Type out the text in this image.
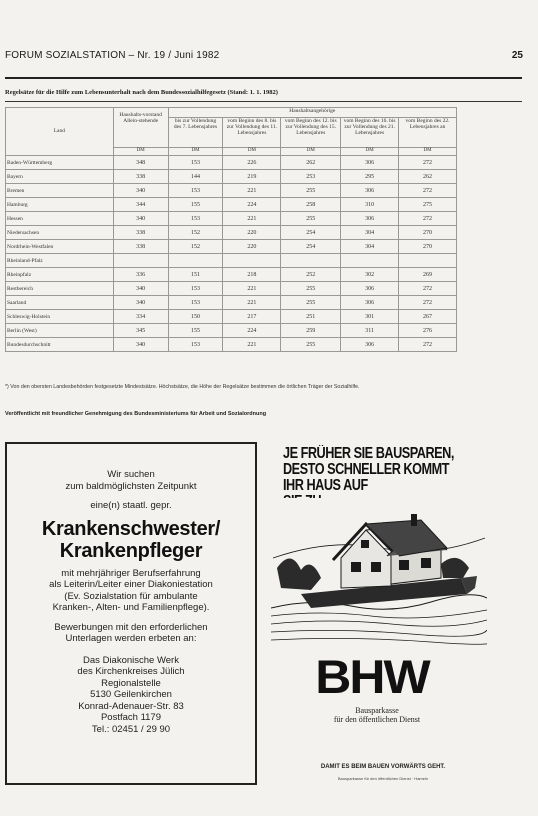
FORUM SOZIALSTATION – Nr. 19 / Juni 1982	25
Regelsätze für die Hilfe zum Lebensunterhalt nach dem Bundessozialhilfegesetz (Stand: 1. 1. 1982)
Land	Haushalts-vorstand Allein-stehende	Haushaltsangehörige				
		bis zur Vollendung des 7. Lebensjahres	vom Beginn des 8. bis zur Vollendung des 11. Lebensjahres	vom Beginn des 12. bis zur Vollendung des 15. Lebensjahres	vom Beginn des 16. bis zur Vollendung des 21. Lebensjahres	vom Beginn des 22. Lebensjahres an
	DM	DM	DM	DM	DM	DM
Baden-Württemberg	348	153	226	262	306	272
Bayern	338	144	219	253	295	262
Bremen	340	153	221	255	306	272
Hamburg	344	155	224	258	310	275
Hessen	340	153	221	255	306	272
Niedersachsen	338	152	220	254	304	270
Nordrhein-Westfalen	338	152	220	254	304	270
Rheinland-Pfalz						
Rheinpfalz	336	151	218	252	302	269
Restbereich	340	153	221	255	306	272
Saarland	340	153	221	255	306	272
Schleswig-Holstein	334	150	217	251	301	267
Berlin (West)	345	155	224	259	311	276
Bundesdurchschnitt	340	153	221	255	306	272
*) Von den obersten Landesbehörden festgesetzte Mindestsätze. Höchstsätze, die Höhe der Regelsätze bestimmen die örtlichen Träger der Sozialhilfe.
Veröffentlicht mit freundlicher Genehmigung des Bundesministeriums für Arbeit und Sozialordnung

Wir suchen

zum baldmöglichsten Zeitpunkt

eine(n) staatl. gepr.

Krankenschwester/
Krankenpfleger

mit mehrjähriger Berufserfahrung

als Leiterin/Leiter einer Diakoniestation

(Ev. Sozialstation für ambulante

Kranken-, Alten- und Familienpflege).

Bewerbungen mit den erforderlichen

Unterlagen werden erbeten an:

Das Diakonische Werk

des Kirchenkreises Jülich

Regionalstelle

5130 Geilenkirchen

Konrad-Adenauer-Str. 83

Postfach 1179

Tel.: 02451 / 29 90

JE FRÜHER SIE BAUSPAREN,
DESTO SCHNELLER KOMMT
IHR HAUS AUF
BHW
Bausparkasse
für den öffentlichen Dienst
DAMIT ES BEIM BAUEN VORWÄRTS GEHT.
Bausparkasse für den öffentlichen Dienst · Hameln
